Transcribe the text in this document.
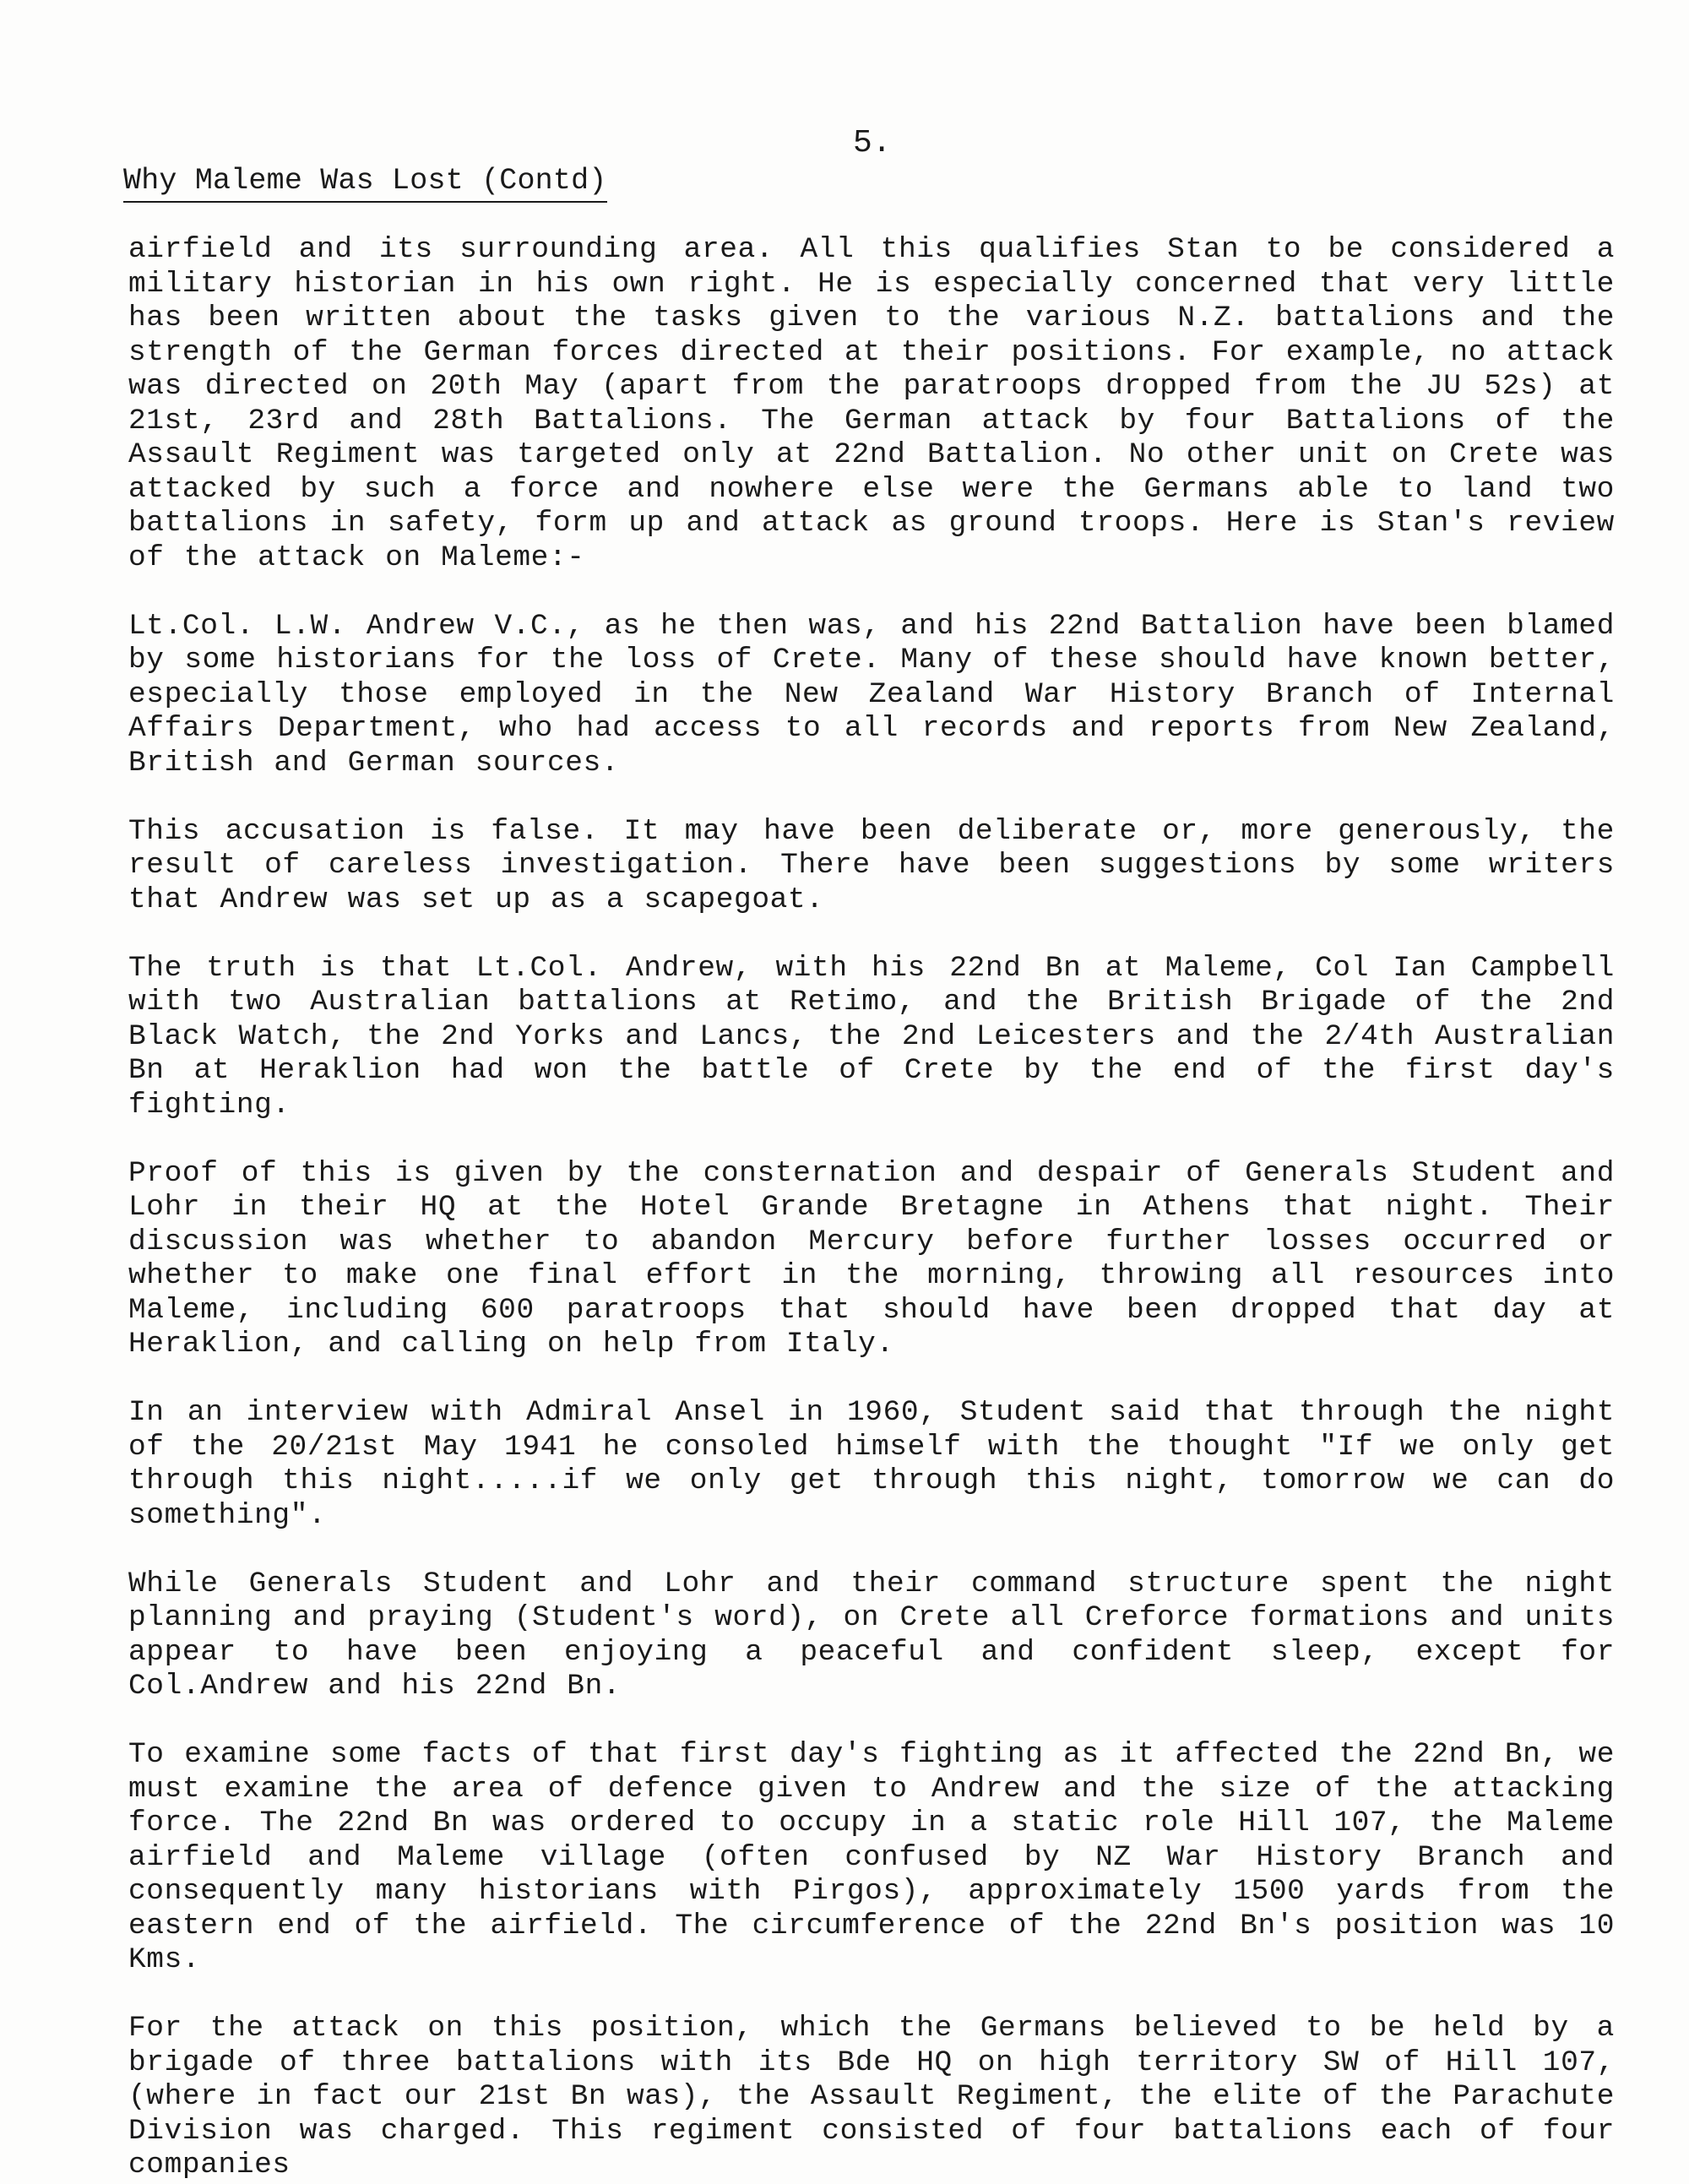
5.

Why Maleme Was Lost (Contd)

airfield and its surrounding area. All this qualifies Stan to be considered a military historian in his own right. He is especially concerned that very little has been written about the tasks given to the various N.Z. battalions and the strength of the German forces directed at their positions. For example, no attack was directed on 20th May (apart from the paratroops dropped from the JU 52s) at 21st, 23rd and 28th Battalions. The German attack by four Battalions of the Assault Regiment was targeted only at 22nd Battalion. No other unit on Crete was attacked by such a force and nowhere else were the Germans able to land two battalions in safety, form up and attack as ground troops. Here is Stan's review of the attack on Maleme:-

Lt.Col. L.W. Andrew V.C., as he then was, and his 22nd Battalion have been blamed by some historians for the loss of Crete. Many of these should have known better, especially those employed in the New Zealand War History Branch of Internal Affairs Department, who had access to all records and reports from New Zealand, British and German sources.

This accusation is false. It may have been deliberate or, more generously, the result of careless investigation. There have been suggestions by some writers that Andrew was set up as a scapegoat.

The truth is that Lt.Col. Andrew, with his 22nd Bn at Maleme, Col Ian Campbell with two Australian battalions at Retimo, and the British Brigade of the 2nd Black Watch, the 2nd Yorks and Lancs, the 2nd Leicesters and the 2/4th Australian Bn at Heraklion had won the battle of Crete by the end of the first day's fighting.

Proof of this is given by the consternation and despair of Generals Student and Lohr in their HQ at the Hotel Grande Bretagne in Athens that night. Their discussion was whether to abandon Mercury before further losses occurred or whether to make one final effort in the morning, throwing all resources into Maleme, including 600 paratroops that should have been dropped that day at Heraklion, and calling on help from Italy.

In an interview with Admiral Ansel in 1960, Student said that through the night of the 20/21st May 1941 he consoled himself with the thought "If we only get through this night.....if we only get through this night, tomorrow we can do something".

While Generals Student and Lohr and their command structure spent the night planning and praying (Student's word), on Crete all Creforce formations and units appear to have been enjoying a peaceful and confident sleep, except for Col.Andrew and his 22nd Bn.

To examine some facts of that first day's fighting as it affected the 22nd Bn, we must examine the area of defence given to Andrew and the size of the attacking force. The 22nd Bn was ordered to occupy in a static role Hill 107, the Maleme airfield and Maleme village (often confused by NZ War History Branch and consequently many historians with Pirgos), approximately 1500 yards from the eastern end of the airfield. The circumference of the 22nd Bn's position was 10 Kms.

For the attack on this position, which the Germans believed to be held by a brigade of three battalions with its Bde HQ on high territory SW of Hill 107, (where in fact our 21st Bn was), the Assault Regiment, the elite of the Parachute Division was charged. This regiment consisted of four battalions each of four companies
